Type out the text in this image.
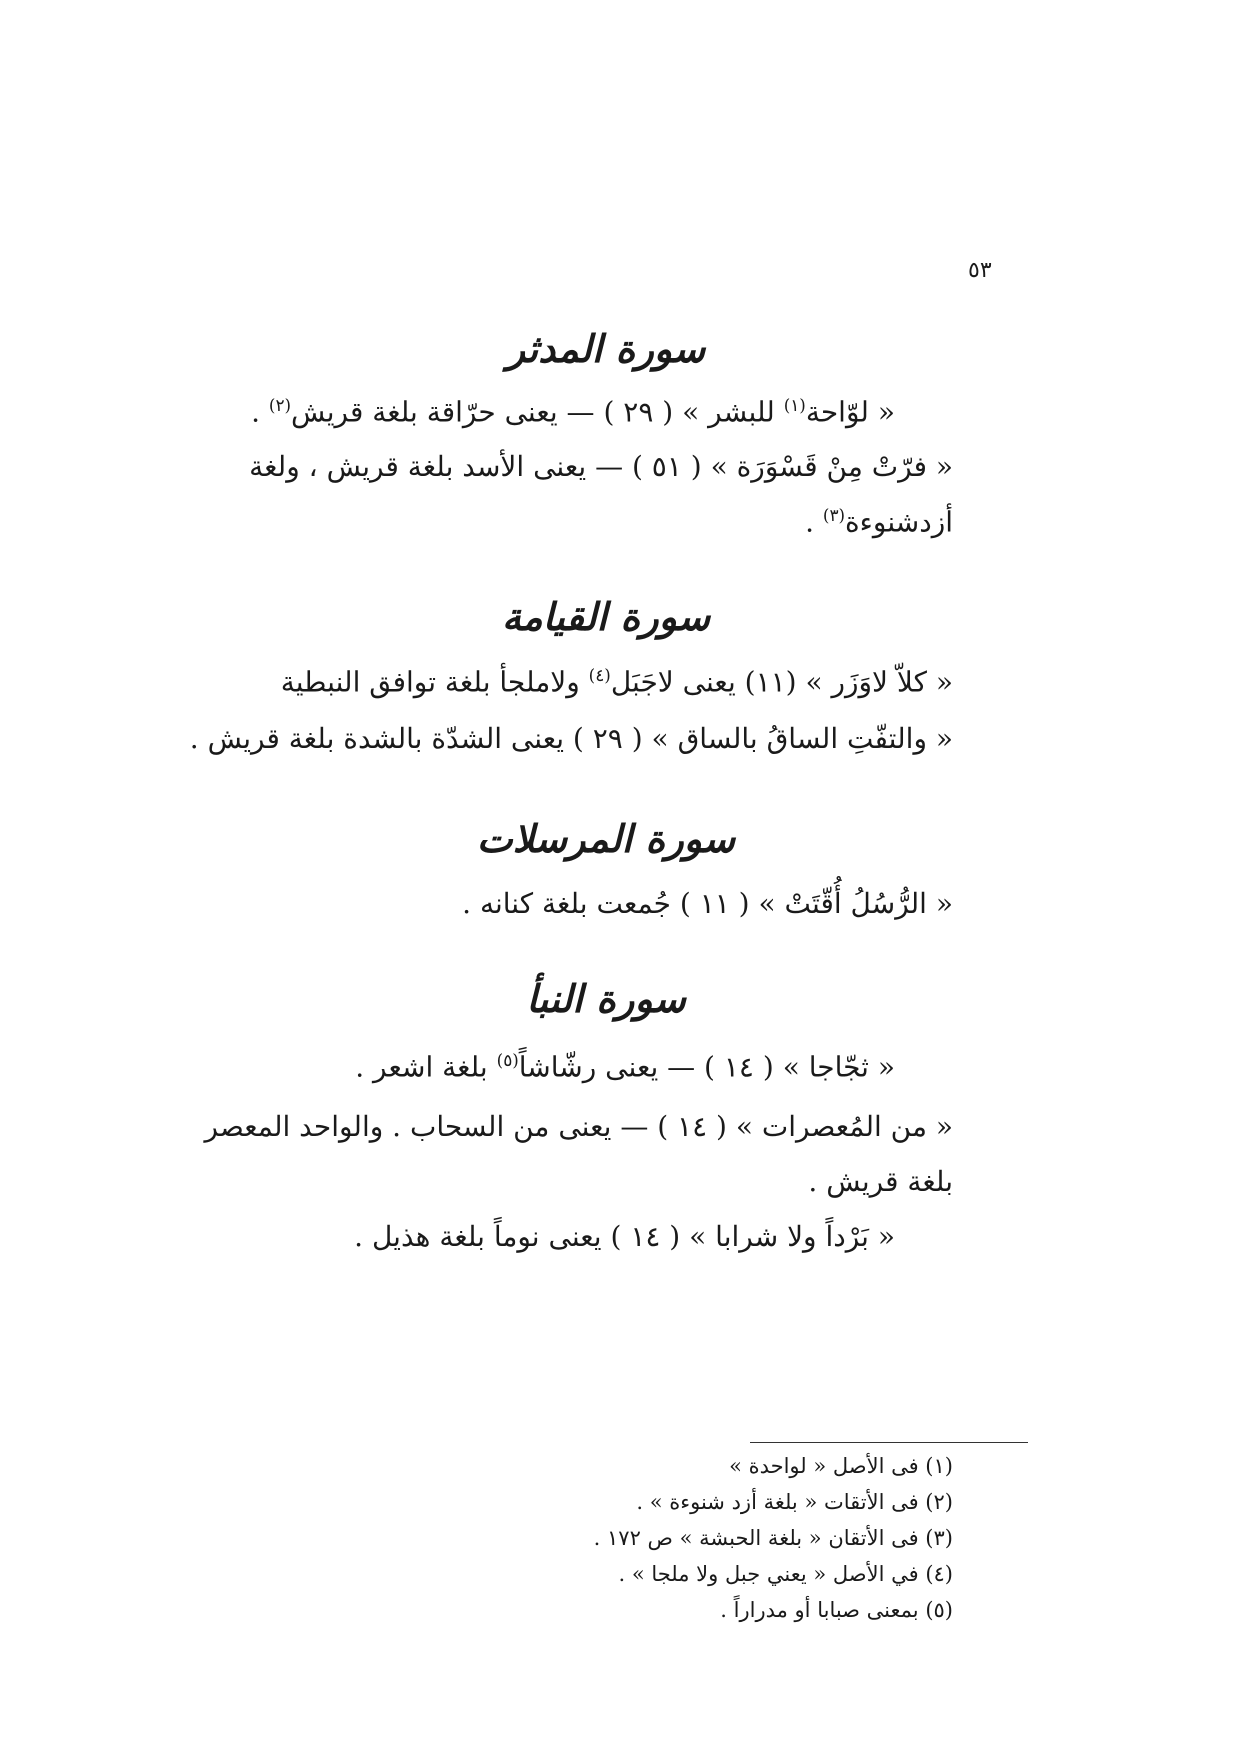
٥٣
سورة المدثر
« لوّاحة$^{(١)}$ للبشر » ( ٢٩ ) — يعنى حرّاقة بلغة قريش$^{(٢)}$ .
« فرّتْ مِنْ قَسْوَرَة » ( ٥١ ) — يعنى الأسد بلغة قريش ، ولغة
أزدشنوءة$^{(٣)}$ .
سورة القيامة
« كلاّ لاوَزَر » (١١) يعنى لاجَبَل$^{(٤)}$ ولاملجأ بلغة توافق النبطية
« والتفّتِ الساقُ بالساق » ( ٢٩ ) يعنى الشدّة بالشدة بلغة قريش .
سورة المرسلات
« الرُّسُلُ أُقّتَتْ » ( ١١ ) جُمعت بلغة كنانه .
سورة النبأ
« ثجّاجا » ( ١٤ ) — يعنى رشّاشاً$^{(٥)}$ بلغة اشعر .
« من المُعصرات » ( ١٤ ) — يعنى من السحاب . والواحد المعصر
بلغة قريش .
« بَرْداً ولا شرابا » ( ١٤ ) يعنى نوماً بلغة هذيل .
(١) فى الأصل « لواحدة »
(٢) فى الأتقات « بلغة أزد شنوءة » .
(٣) فى الأتقان « بلغة الحبشة » ص ١٧٢ .
(٤) في الأصل « يعني جبل ولا ملجا » .
(٥) بمعنى صبابا أو مدراراً .
